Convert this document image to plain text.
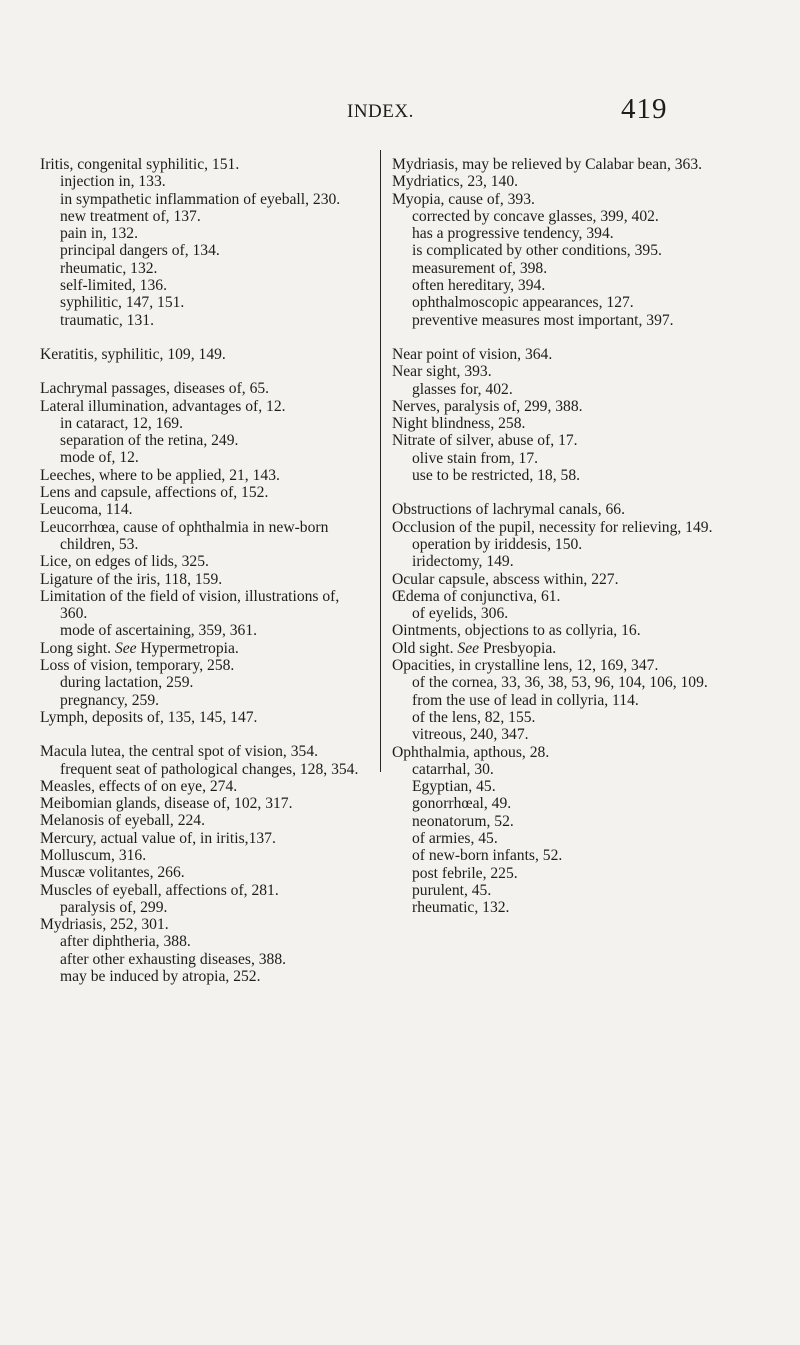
INDEX.	419

Iritis, congenital syphilitic, 151.

injection in, 133.

in sympathetic inflammation of eyeball, 230.

new treatment of, 137.

pain in, 132.

principal dangers of, 134.

rheumatic, 132.

self-limited, 136.

syphilitic, 147, 151.

traumatic, 131.

Keratitis, syphilitic, 109, 149.

Lachrymal passages, diseases of, 65.

Lateral illumination, advantages of, 12.

in cataract, 12, 169.

separation of the retina, 249.

mode of, 12.

Leeches, where to be applied, 21, 143.

Lens and capsule, affections of, 152.

Leucoma, 114.

Leucorrhœa, cause of ophthalmia in new-born children, 53.

Lice, on edges of lids, 325.

Ligature of the iris, 118, 159.

Limitation of the field of vision, illustrations of, 360.

mode of ascertaining, 359, 361.

Long sight. See Hypermetropia.

Loss of vision, temporary, 258.

during lactation, 259.

pregnancy, 259.

Lymph, deposits of, 135, 145, 147.

Macula lutea, the central spot of vision, 354.

frequent seat of pathological changes, 128, 354.

Measles, effects of on eye, 274.

Meibomian glands, disease of, 102, 317.

Melanosis of eyeball, 224.

Mercury, actual value of, in iritis,137.

Molluscum, 316.

Muscæ volitantes, 266.

Muscles of eyeball, affections of, 281.

paralysis of, 299.

Mydriasis, 252, 301.

after diphtheria, 388.

after other exhausting diseases, 388.

may be induced by atropia, 252.

Mydriasis, may be relieved by Calabar bean, 363.

Mydriatics, 23, 140.

Myopia, cause of, 393.

corrected by concave glasses, 399, 402.

has a progressive tendency, 394.

is complicated by other conditions, 395.

measurement of, 398.

often hereditary, 394.

ophthalmoscopic appearances, 127.

preventive measures most important, 397.

Near point of vision, 364.

Near sight, 393.

glasses for, 402.

Nerves, paralysis of, 299, 388.

Night blindness, 258.

Nitrate of silver, abuse of, 17.

olive stain from, 17.

use to be restricted, 18, 58.

Obstructions of lachrymal canals, 66.

Occlusion of the pupil, necessity for relieving, 149.

operation by iriddesis, 150.

iridectomy, 149.

Ocular capsule, abscess within, 227.

Œdema of conjunctiva, 61.

of eyelids, 306.

Ointments, objections to as collyria, 16.

Old sight. See Presbyopia.

Opacities, in crystalline lens, 12, 169, 347.

of the cornea, 33, 36, 38, 53, 96, 104, 106, 109.

from the use of lead in collyria, 114.

of the lens, 82, 155.

vitreous, 240, 347.

Ophthalmia, apthous, 28.

catarrhal, 30.

Egyptian, 45.

gonorrhœal, 49.

neonatorum, 52.

of armies, 45.

of new-born infants, 52.

post febrile, 225.

purulent, 45.

rheumatic, 132.
